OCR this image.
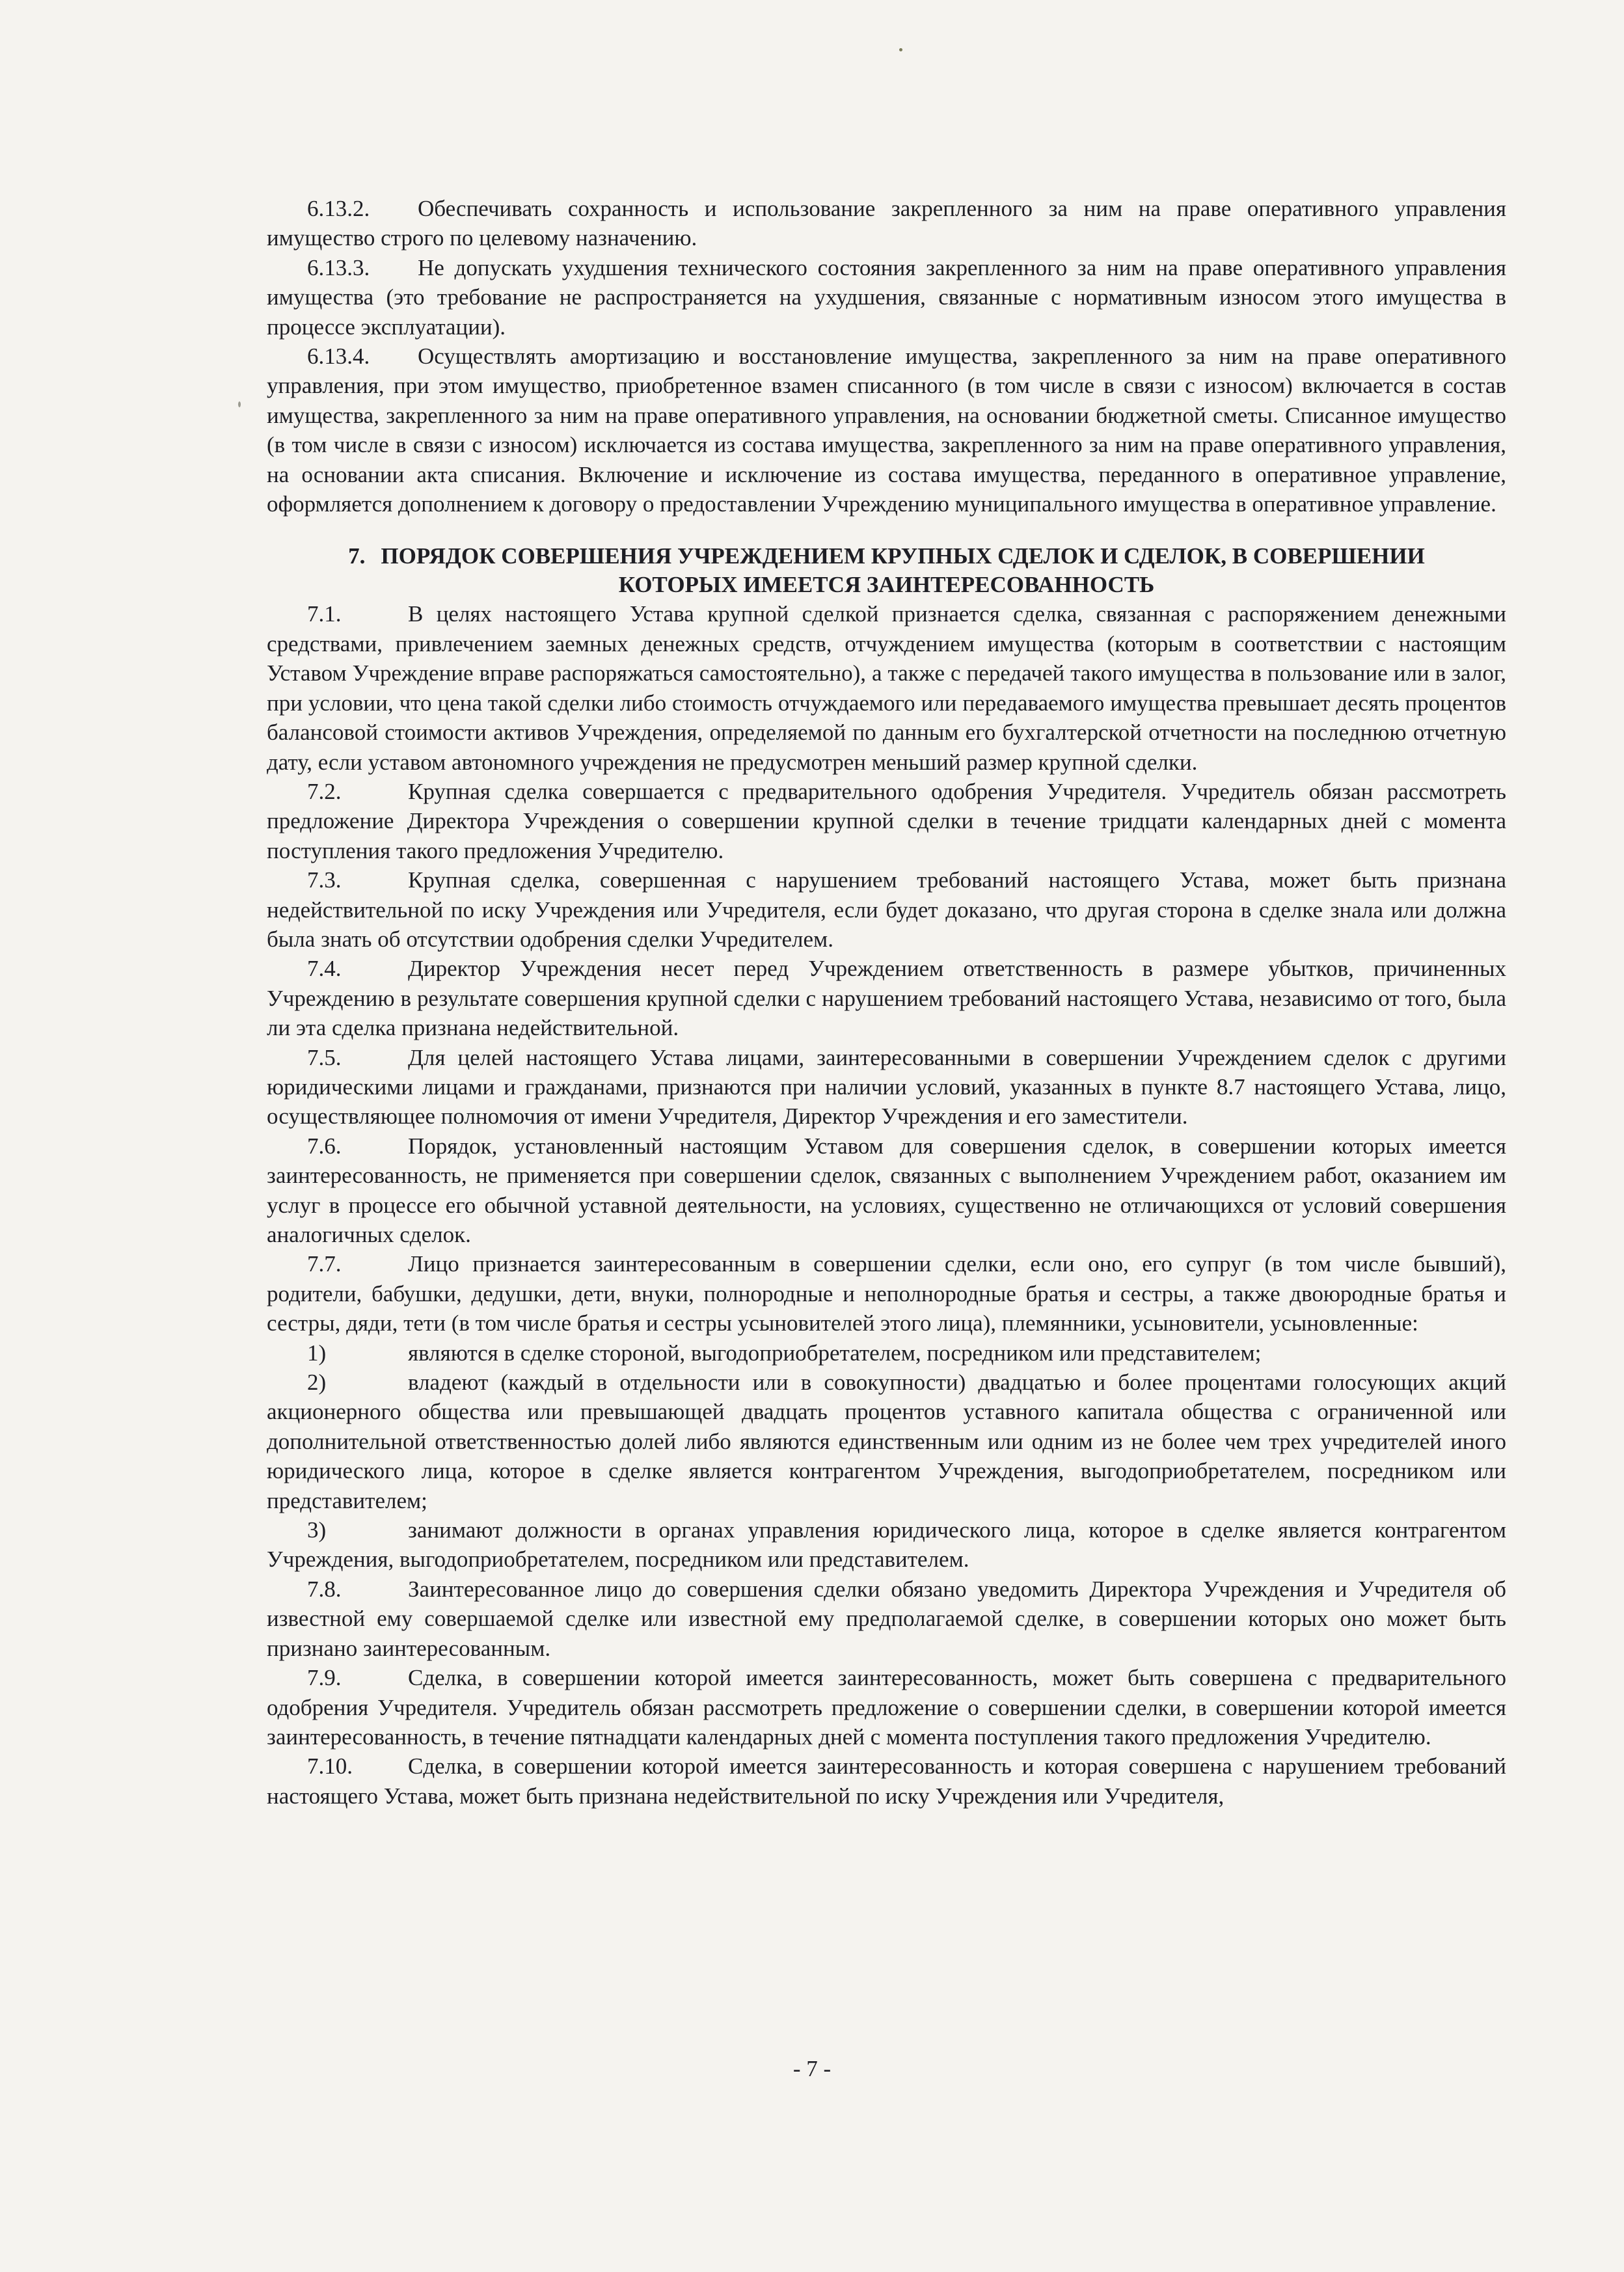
6.13.2. Обеспечивать сохранность и использование закрепленного за ним на праве оперативного управления имущество строго по целевому назначению.

6.13.3. Не допускать ухудшения технического состояния закрепленного за ним на праве оперативного управления имущества (это требование не распространяется на ухудшения, связанные с нормативным износом этого имущества в процессе эксплуатации).

6.13.4. Осуществлять амортизацию и восстановление имущества, закрепленного за ним на праве оперативного управления, при этом имущество, приобретенное взамен списанного (в том числе в связи с износом) включается в состав имущества, закрепленного за ним на праве оперативного управления, на основании бюджетной сметы. Списанное имущество (в том числе в связи с износом) исключается из состава имущества, закрепленного за ним на праве оперативного управления, на основании акта списания. Включение и исключение из состава имущества, переданного в оперативное управление, оформляется дополнением к договору о предоставлении Учреждению муниципального имущества в оперативное управление.

7. ПОРЯДОК СОВЕРШЕНИЯ УЧРЕЖДЕНИЕМ КРУПНЫХ СДЕЛОК И СДЕЛОК, В СОВЕРШЕНИИ
КОТОРЫХ ИМЕЕТСЯ ЗАИНТЕРЕСОВАННОСТЬ

7.1.	В целях настоящего Устава крупной сделкой признается сделка, связанная с распоряжением денежными средствами, привлечением заемных денежных средств, отчуждением имущества (которым в соответствии с настоящим Уставом Учреждение вправе распоряжаться самостоятельно), а также с передачей такого имущества в пользование или в залог, при условии, что цена такой сделки либо стоимость отчуждаемого или передаваемого имущества превышает десять процентов балансовой стоимости активов Учреждения, определяемой по данным его бухгалтерской отчетности на последнюю отчетную дату, если уставом автономного учреждения не предусмотрен меньший размер крупной сделки.

7.2.	Крупная сделка совершается с предварительного одобрения Учредителя. Учредитель обязан рассмотреть предложение Директора Учреждения о совершении крупной сделки в течение тридцати календарных дней с момента поступления такого предложения Учредителю.

7.3.	Крупная сделка, совершенная с нарушением требований настоящего Устава, может быть признана недействительной по иску Учреждения или Учредителя, если будет доказано, что другая сторона в сделке знала или должна была знать об отсутствии одобрения сделки Учредителем.

7.4.	Директор Учреждения несет перед Учреждением ответственность в размере убытков, причиненных Учреждению в результате совершения крупной сделки с нарушением требований настоящего Устава, независимо от того, была ли эта сделка признана недействительной.

7.5.	Для целей настоящего Устава лицами, заинтересованными в совершении Учреждением сделок с другими юридическими лицами и гражданами, признаются при наличии условий, указанных в пункте 8.7 настоящего Устава, лицо, осуществляющее полномочия от имени Учредителя, Директор Учреждения и его заместители.

7.6.	Порядок, установленный настоящим Уставом для совершения сделок, в совершении которых имеется заинтересованность, не применяется при совершении сделок, связанных с выполнением Учреждением работ, оказанием им услуг в процессе его обычной уставной деятельности, на условиях, существенно не отличающихся от условий совершения аналогичных сделок.

7.7.	Лицо признается заинтересованным в совершении сделки, если оно, его супруг (в том числе бывший), родители, бабушки, дедушки, дети, внуки, полнородные и неполнородные братья и сестры, а также двоюродные братья и сестры, дяди, тети (в том числе братья и сестры усыновителей этого лица), племянники, усыновители, усыновленные:

1)	являются в сделке стороной, выгодоприобретателем, посредником или представителем;

2)	владеют (каждый в отдельности или в совокупности) двадцатью и более процентами голосующих акций акционерного общества или превышающей двадцать процентов уставного капитала общества с ограниченной или дополнительной ответственностью долей либо являются единственным или одним из не более чем трех учредителей иного юридического лица, которое в сделке является контрагентом Учреждения, выгодоприобретателем, посредником или представителем;

3)	занимают должности в органах управления юридического лица, которое в сделке является контрагентом Учреждения, выгодоприобретателем, посредником или представителем.

7.8.	Заинтересованное лицо до совершения сделки обязано уведомить Директора Учреждения и Учредителя об известной ему совершаемой сделке или известной ему предполагаемой сделке, в совершении которых оно может быть признано заинтересованным.

7.9.	Сделка, в совершении которой имеется заинтересованность, может быть совершена с предварительного одобрения Учредителя. Учредитель обязан рассмотреть предложение о совершении сделки, в совершении которой имеется заинтересованность, в течение пятнадцати календарных дней с момента поступления такого предложения Учредителю.

7.10. Сделка, в совершении которой имеется заинтересованность и которая совершена с нарушением требований настоящего Устава, может быть признана недействительной по иску Учреждения или Учредителя,

- 7 -
